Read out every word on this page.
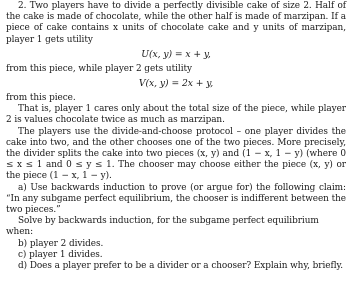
2. Two players have to divide a perfectly divisible cake of size 2. Half of the cake is made of chocolate, while the other half is made of marzipan. If a piece of cake contains x units of chocolate cake and y units of marzipan, player 1 gets utility

U(x, y) = x + y,

from this piece, while player 2 gets utility

V(x, y) = 2x + y,

from this piece.

That is, player 1 cares only about the total size of the piece, while player 2 is values chocolate twice as much as marzipan.

The players use the divide-and-choose protocol – one player divides the cake into two, and the other chooses one of the two pieces. More precisely, the divider splits the cake into two pieces (x, y) and (1 − x, 1 − y) (where 0 ≤ x ≤ 1 and 0 ≤ y ≤ 1. The chooser may choose either the piece (x, y) or the piece (1 − x, 1 − y).

a) Use backwards induction to prove (or argue for) the following claim: “In any subgame perfect equilibrium, the chooser is indifferent between the two pieces.”

Solve by backwards induction, for the subgame perfect equilibrium when:

b) player 2 divides.

c) player 1 divides.

d) Does a player prefer to be a divider or a chooser? Explain why, briefly.
